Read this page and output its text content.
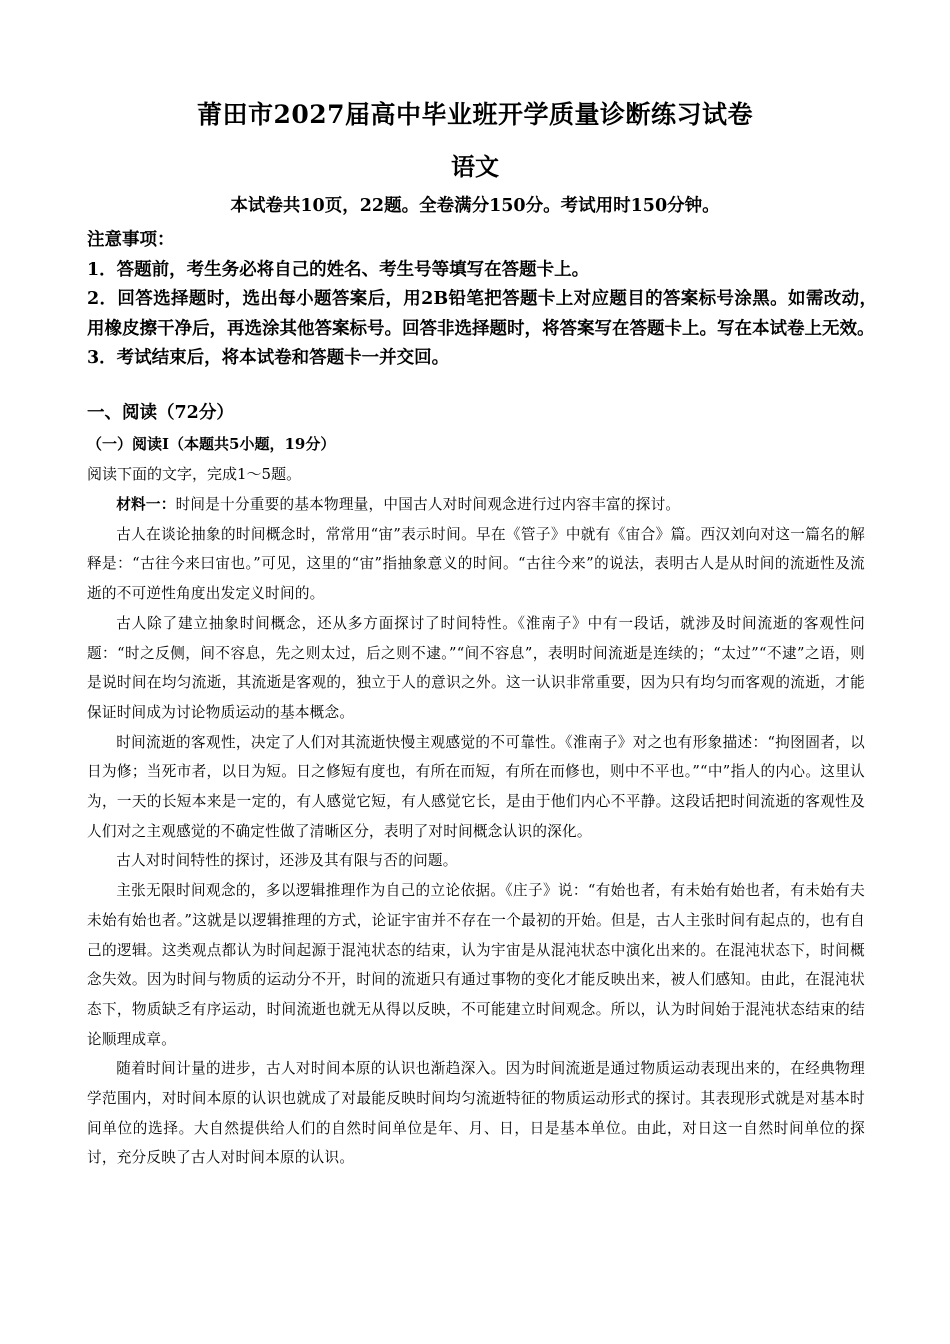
莆田市2027届高中毕业班开学质量诊断练习试卷
语文
本试卷共10页，22题。全卷满分150分。考试用时150分钟。

注意事项：

1．答题前，考生务必将自己的姓名、考生号等填写在答题卡上。

2．回答选择题时，选出每小题答案后，用2B铅笔把答题卡上对应题目的答案标号涂黑。如需改动，用橡皮擦干净后，再选涂其他答案标号。回答非选择题时，将答案写在答题卡上。写在本试卷上无效。

3．考试结束后，将本试卷和答题卡一并交回。

一、阅读（72分）
（一）阅读I（本题共5小题，19分）
阅读下面的文字，完成1～5题。

材料一：时间是十分重要的基本物理量，中国古人对时间观念进行过内容丰富的探讨。

古人在谈论抽象的时间概念时，常常用“宙”表示时间。早在《管子》中就有《宙合》篇。西汉刘向对这一篇名的解释是：“古往今来曰宙也。”可见，这里的“宙”指抽象意义的时间。“古往今来”的说法，表明古人是从时间的流逝性及流逝的不可逆性角度出发定义时间的。

古人除了建立抽象时间概念，还从多方面探讨了时间特性。《淮南子》中有一段话，就涉及时间流逝的客观性问题：“时之反侧，间不容息，先之则太过，后之则不逮。”“间不容息”，表明时间流逝是连续的；“太过”“不逮”之语，则是说时间在均匀流逝，其流逝是客观的，独立于人的意识之外。这一认识非常重要，因为只有均匀而客观的流逝，才能保证时间成为讨论物质运动的基本概念。

时间流逝的客观性，决定了人们对其流逝快慢主观感觉的不可靠性。《淮南子》对之也有形象描述：“拘囹圄者，以日为修；当死市者，以日为短。日之修短有度也，有所在而短，有所在而修也，则中不平也。”“中”指人的内心。这里认为，一天的长短本来是一定的，有人感觉它短，有人感觉它长，是由于他们内心不平静。这段话把时间流逝的客观性及人们对之主观感觉的不确定性做了清晰区分，表明了对时间概念认识的深化。

古人对时间特性的探讨，还涉及其有限与否的问题。

主张无限时间观念的，多以逻辑推理作为自己的立论依据。《庄子》说：“有始也者，有未始有始也者，有未始有夫未始有始也者。”这就是以逻辑推理的方式，论证宇宙并不存在一个最初的开始。但是，古人主张时间有起点的，也有自己的逻辑。这类观点都认为时间起源于混沌状态的结束，认为宇宙是从混沌状态中演化出来的。在混沌状态下，时间概念失效。因为时间与物质的运动分不开，时间的流逝只有通过事物的变化才能反映出来，被人们感知。由此，在混沌状态下，物质缺乏有序运动，时间流逝也就无从得以反映，不可能建立时间观念。所以，认为时间始于混沌状态结束的结论顺理成章。

随着时间计量的进步，古人对时间本原的认识也渐趋深入。因为时间流逝是通过物质运动表现出来的，在经典物理学范围内，对时间本原的认识也就成了对最能反映时间均匀流逝特征的物质运动形式的探讨。其表现形式就是对基本时间单位的选择。大自然提供给人们的自然时间单位是年、月、日，日是基本单位。由此，对日这一自然时间单位的探讨，充分反映了古人对时间本原的认识。
